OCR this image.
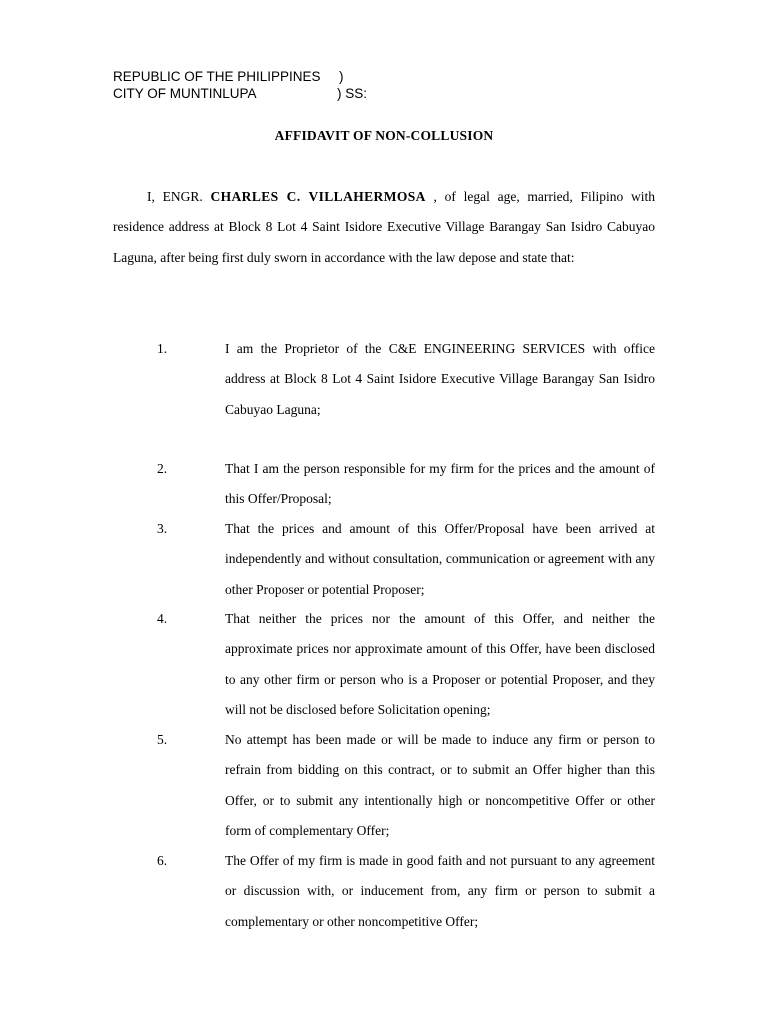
REPUBLIC OF THE PHILIPPINES )
CITY OF MUNTINLUPA	) SS:
AFFIDAVIT OF NON-COLLUSION

I, ENGR. CHARLES C. VILLAHERMOSA , of legal age, married, Filipino with residence address at Block 8 Lot 4 Saint Isidore Executive Village Barangay San Isidro Cabuyao Laguna, after being first duly sworn in accordance with the law depose and state that:

1.	I am the Proprietor of the C&E ENGINEERING SERVICES with office address at Block 8 Lot 4 Saint Isidore Executive Village Barangay San Isidro Cabuyao Laguna;

2.	That I am the person responsible for my firm for the prices and the amount of this Offer/Proposal;

3.	That the prices and amount of this Offer/Proposal have been arrived at independently and without consultation, communication or agreement with any other Proposer or potential Proposer;

4.	That neither the prices nor the amount of this Offer, and neither the approximate prices nor approximate amount of this Offer, have been disclosed to any other firm or person who is a Proposer or potential Proposer, and they will not be disclosed before Solicitation opening;

5.	No attempt has been made or will be made to induce any firm or person to refrain from bidding on this contract, or to submit an Offer higher than this Offer, or to submit any intentionally high or noncompetitive Offer or other form of complementary Offer;

6.	The Offer of my firm is made in good faith and not pursuant to any agreement or discussion with, or inducement from, any firm or person to submit a complementary or other noncompetitive Offer;
